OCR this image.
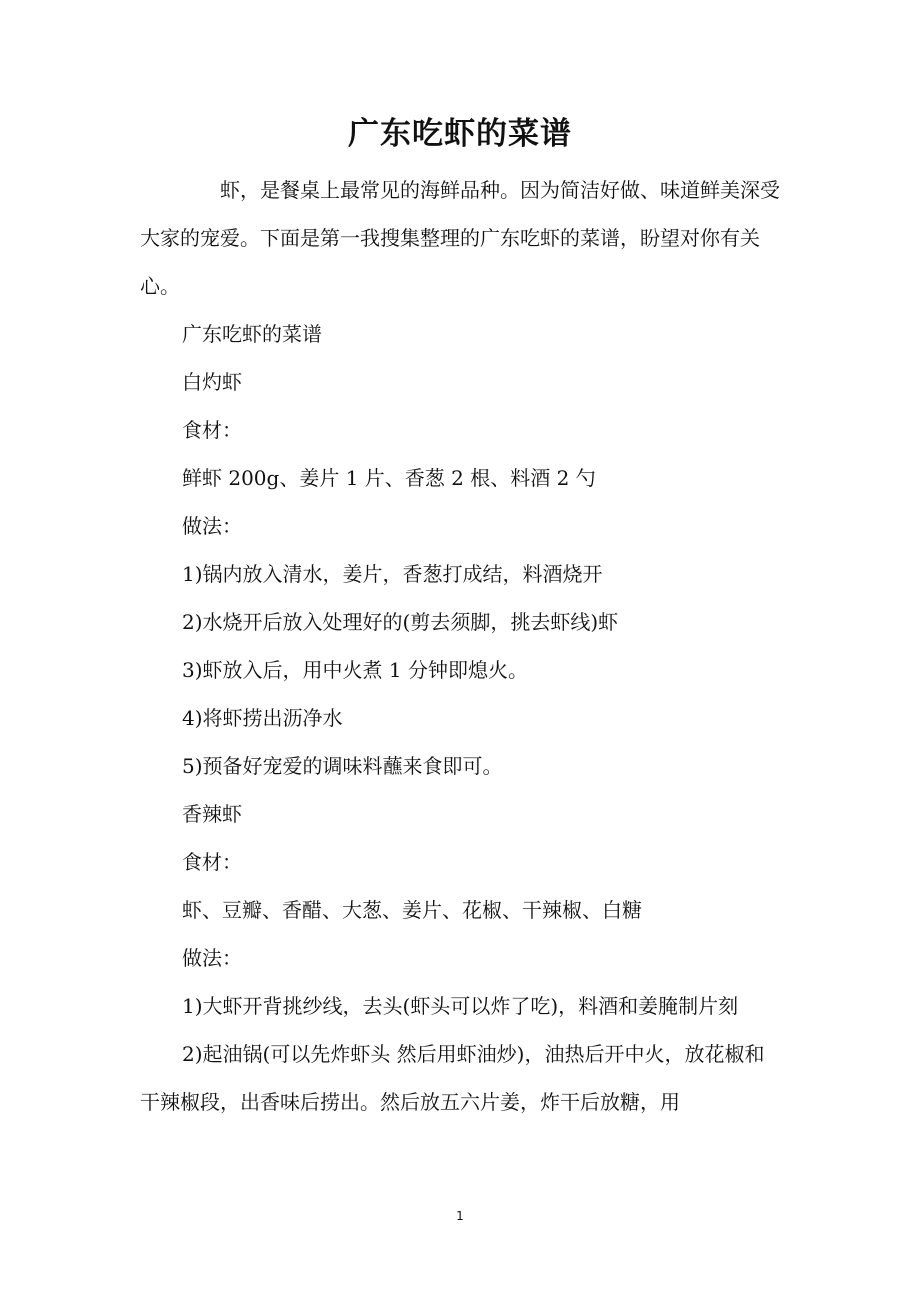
广东吃虾的菜谱

虾，是餐桌上最常见的海鲜品种。因为简洁好做、味道鲜美深受大家的宠爱。下面是第一我搜集整理的广东吃虾的菜谱，盼望对你有关心。

广东吃虾的菜谱

白灼虾

食材：

鲜虾 200g、姜片 1 片、香葱 2 根、料酒 2 勺

做法：

1)锅内放入清水，姜片，香葱打成结，料酒烧开

2)水烧开后放入处理好的(剪去须脚，挑去虾线)虾

3)虾放入后，用中火煮 1 分钟即熄火。

4)将虾捞出沥净水

5)预备好宠爱的调味料蘸来食即可。

香辣虾

食材：

虾、豆瓣、香醋、大葱、姜片、花椒、干辣椒、白糖

做法：

1)大虾开背挑纱线，去头(虾头可以炸了吃)，料酒和姜腌制片刻

2)起油锅(可以先炸虾头 然后用虾油炒)，油热后开中火，放花椒和干辣椒段，出香味后捞出。然后放五六片姜，炸干后放糖，用

1
